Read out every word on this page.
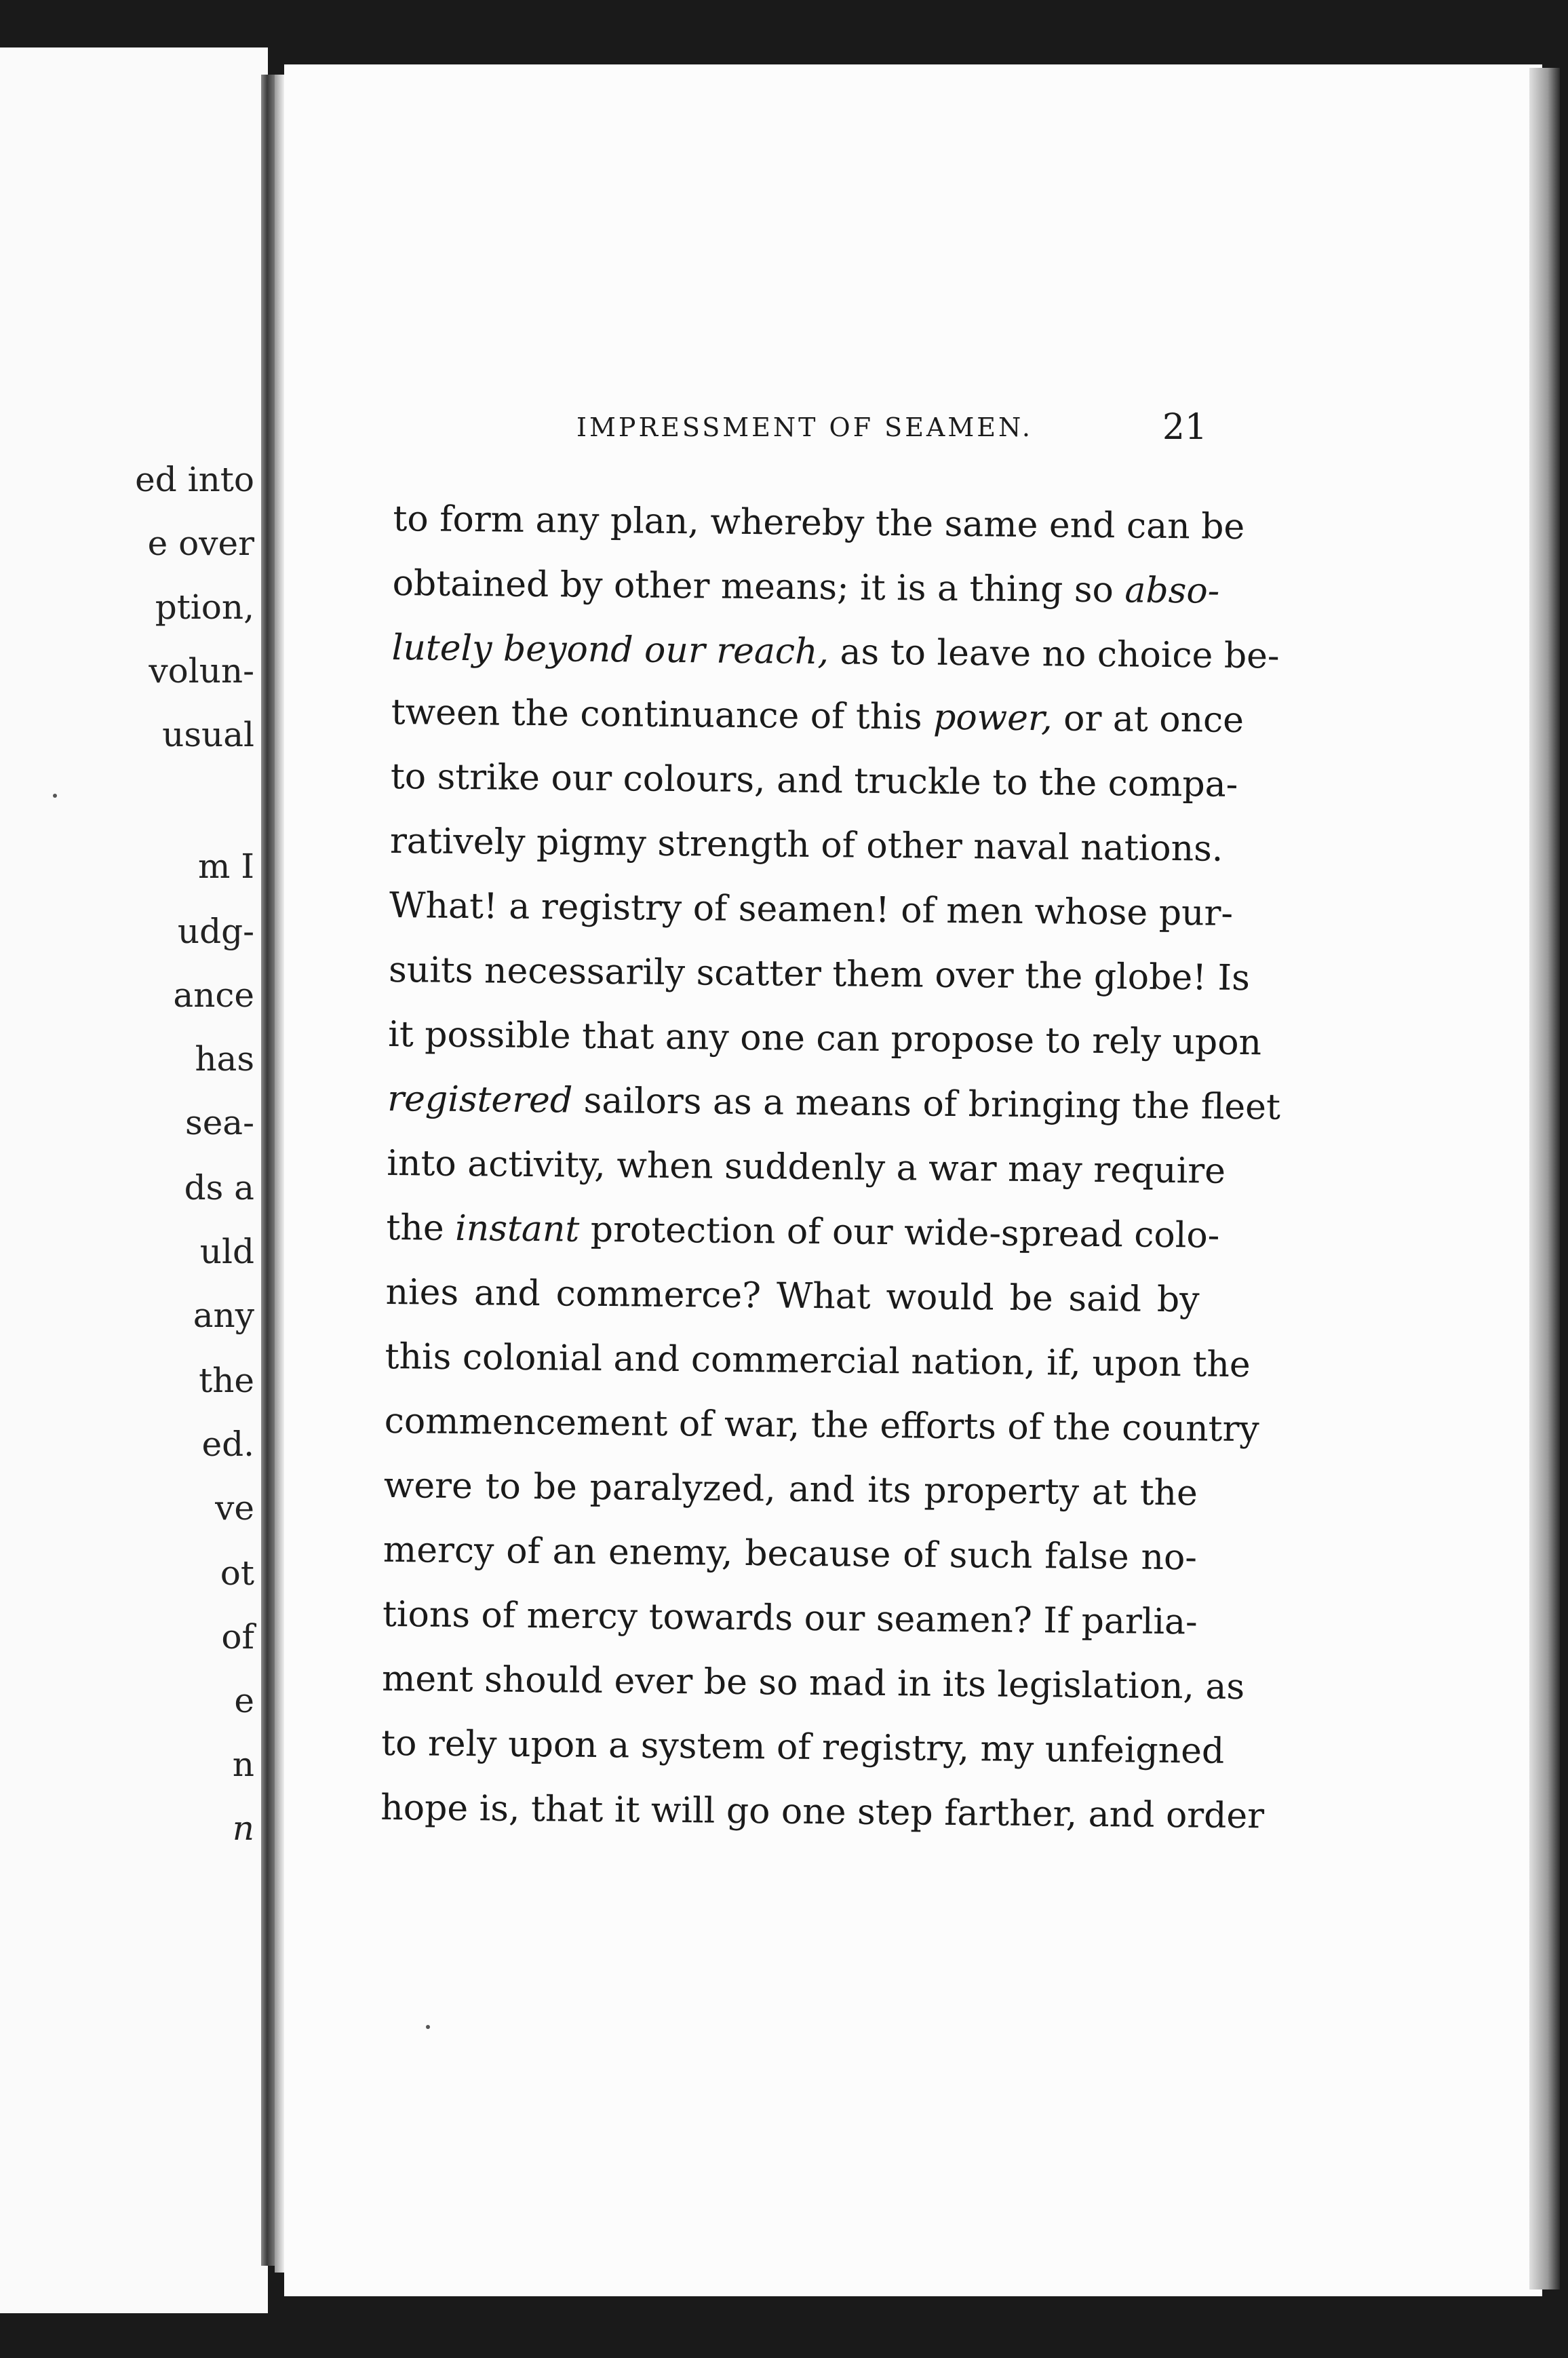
ed into
e over
ption,
volun-
usual
m I
udg-
ance
has
sea-
ds a
uld
any
the
ed.
ve
ot
of
e
n
n
IMPRESSMENT OF SEAMEN.	21
to form any plan, whereby the same end can be
obtained by other means; it is a thing so abso-
lutely beyond our reach, as to leave no choice be-
tween the continuance of this power, or at once
to strike our colours, and truckle to the compa-
ratively pigmy strength of other naval nations.
What! a registry of seamen! of men whose pur-
suits necessarily scatter them over the globe! Is
it possible that any one can propose to rely upon
registered sailors as a means of bringing the fleet
into activity, when suddenly a war may require
the instant protection of our wide-spread colo-
nies and commerce? What would be said by
this colonial and commercial nation, if, upon the
commencement of war, the efforts of the country
were to be paralyzed, and its property at the
mercy of an enemy, because of such false no-
tions of mercy towards our seamen? If parlia-
ment should ever be so mad in its legislation, as
to rely upon a system of registry, my unfeigned
hope is, that it will go one step farther, and order
